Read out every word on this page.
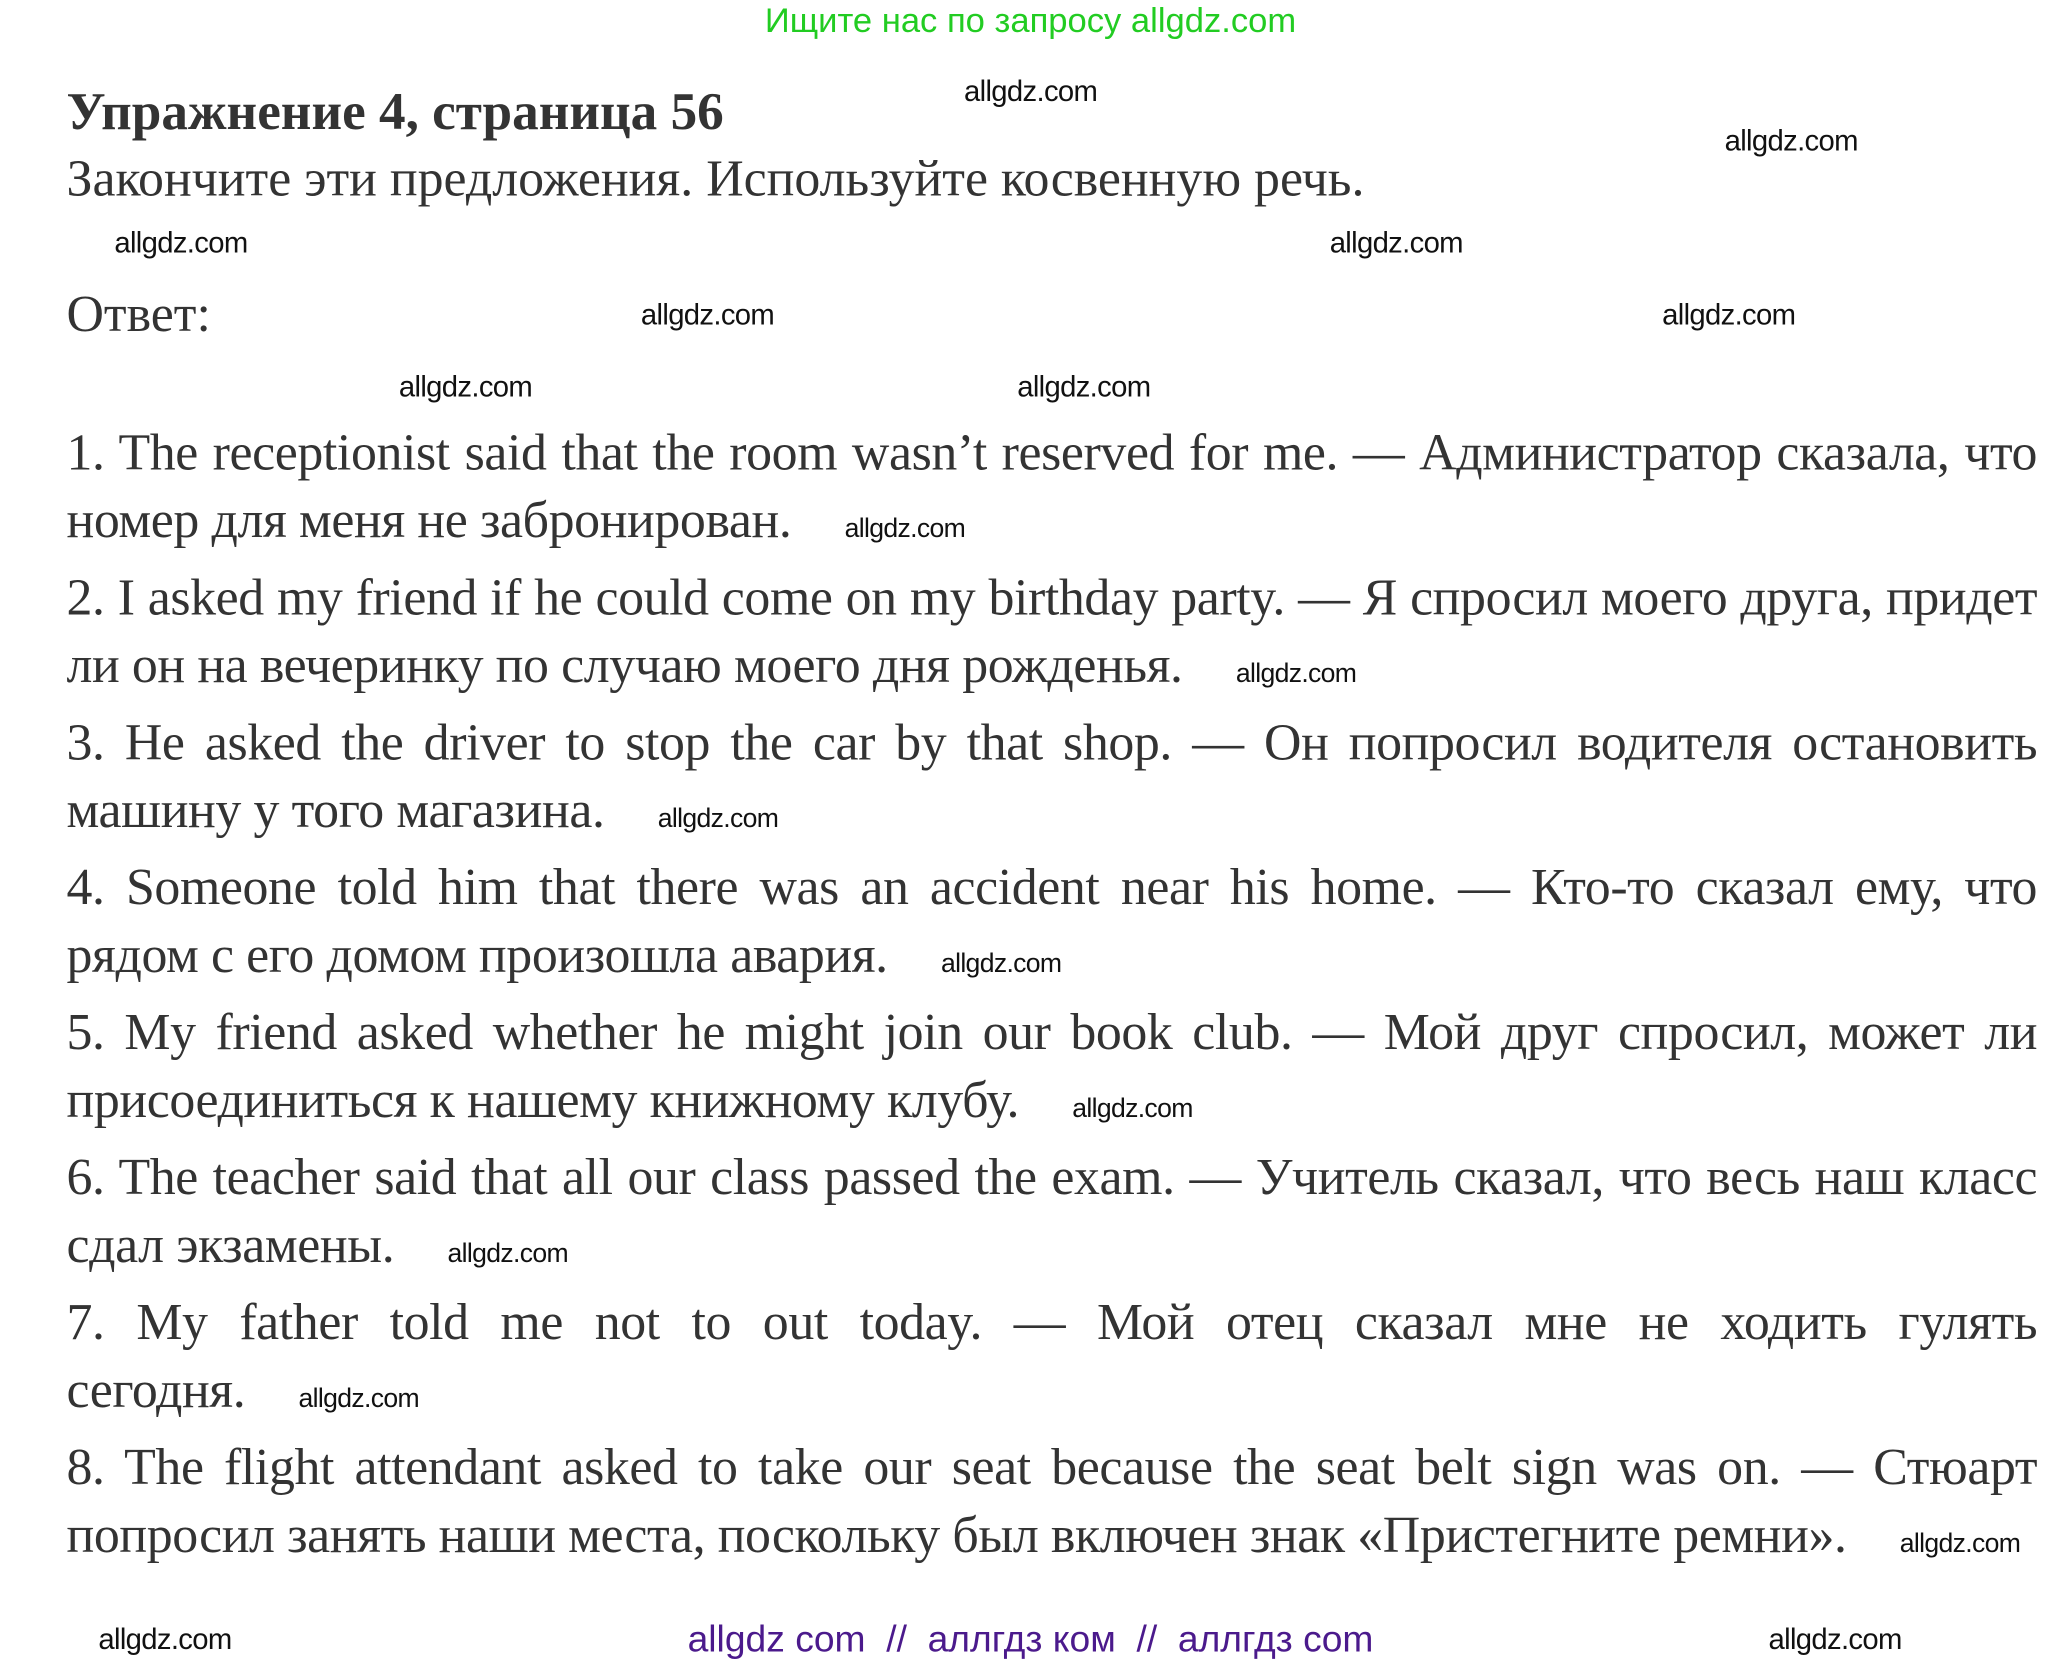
Ищите нас по запросу allgdz.com
Упражнение 4, страница 56
Закончите эти предложения. Используйте косвенную речь.
Ответ:

1. The receptionist said that the room wasn’t reserved for me. — Администратор сказала, что номер для меня не забронирован.	allgdz.com

2. I asked my friend if he could come on my birthday party. — Я спросил моего друга, придет ли он на вечеринку по случаю моего дня рожденья.	allgdz.com

3. He asked the driver to stop the car by that shop. — Он попросил водителя остановить машину у того магазина.	allgdz.com

4. Someone told him that there was an accident near his home. — Кто-то сказал ему, что рядом с его домом произошла авария.	allgdz.com

5. My friend asked whether he might join our book club. — Мой друг спросил, может ли присоединиться к нашему книжному клубу.	allgdz.com

6. The teacher said that all our class passed the exam. — Учитель сказал, что весь наш класс сдал экзамены.	allgdz.com

7. My father told me not to out today. — Мой отец сказал мне не ходить гулять сегодня.	allgdz.com

8. The flight attendant asked to take our seat because the seat belt sign was on. — Стюарт попросил занять наши места, поскольку был включен знак «Пристегните ремни».	allgdz.com

allgdz.com
allgdz.com
allgdz.com	allgdz.com
allgdz.com	allgdz.com
allgdz.com	allgdz.com
allgdz.com	allgdz.com
allgdz com  //  аллгдз ком  //  аллгдз com
